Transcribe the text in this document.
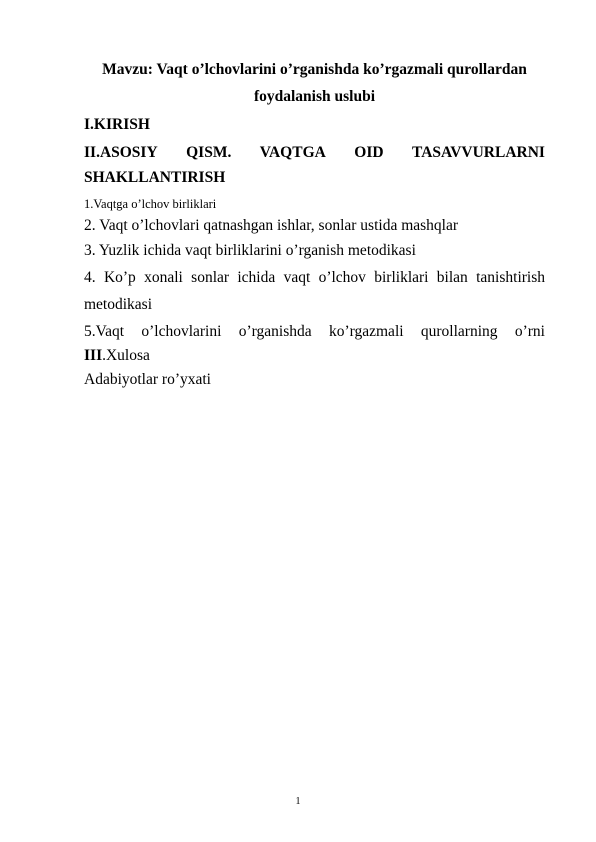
Mavzu: Vaqt o’lchovlarini o’rganishda ko’rgazmali qurollardan
foydalanish uslubi
I.KIRISH
II.ASOSIY QISM. VAQTGA OID TASAVVURLARNI
SHAKLLANTIRISH
1.Vaqtga o’lchov birliklari
2. Vaqt o’lchovlari qatnashgan ishlar, sonlar ustida mashqlar
3. Yuzlik ichida vaqt birliklarini o’rganish metodikasi
4. Ko’p xonali sonlar ichida vaqt o’lchov birliklari bilan tanishtirish
metodikasi
5.Vaqt o’lchovlarini o’rganishda ko’rgazmali qurollarning o’rni
III.Xulosa
Adabiyotlar ro’yxati
1
